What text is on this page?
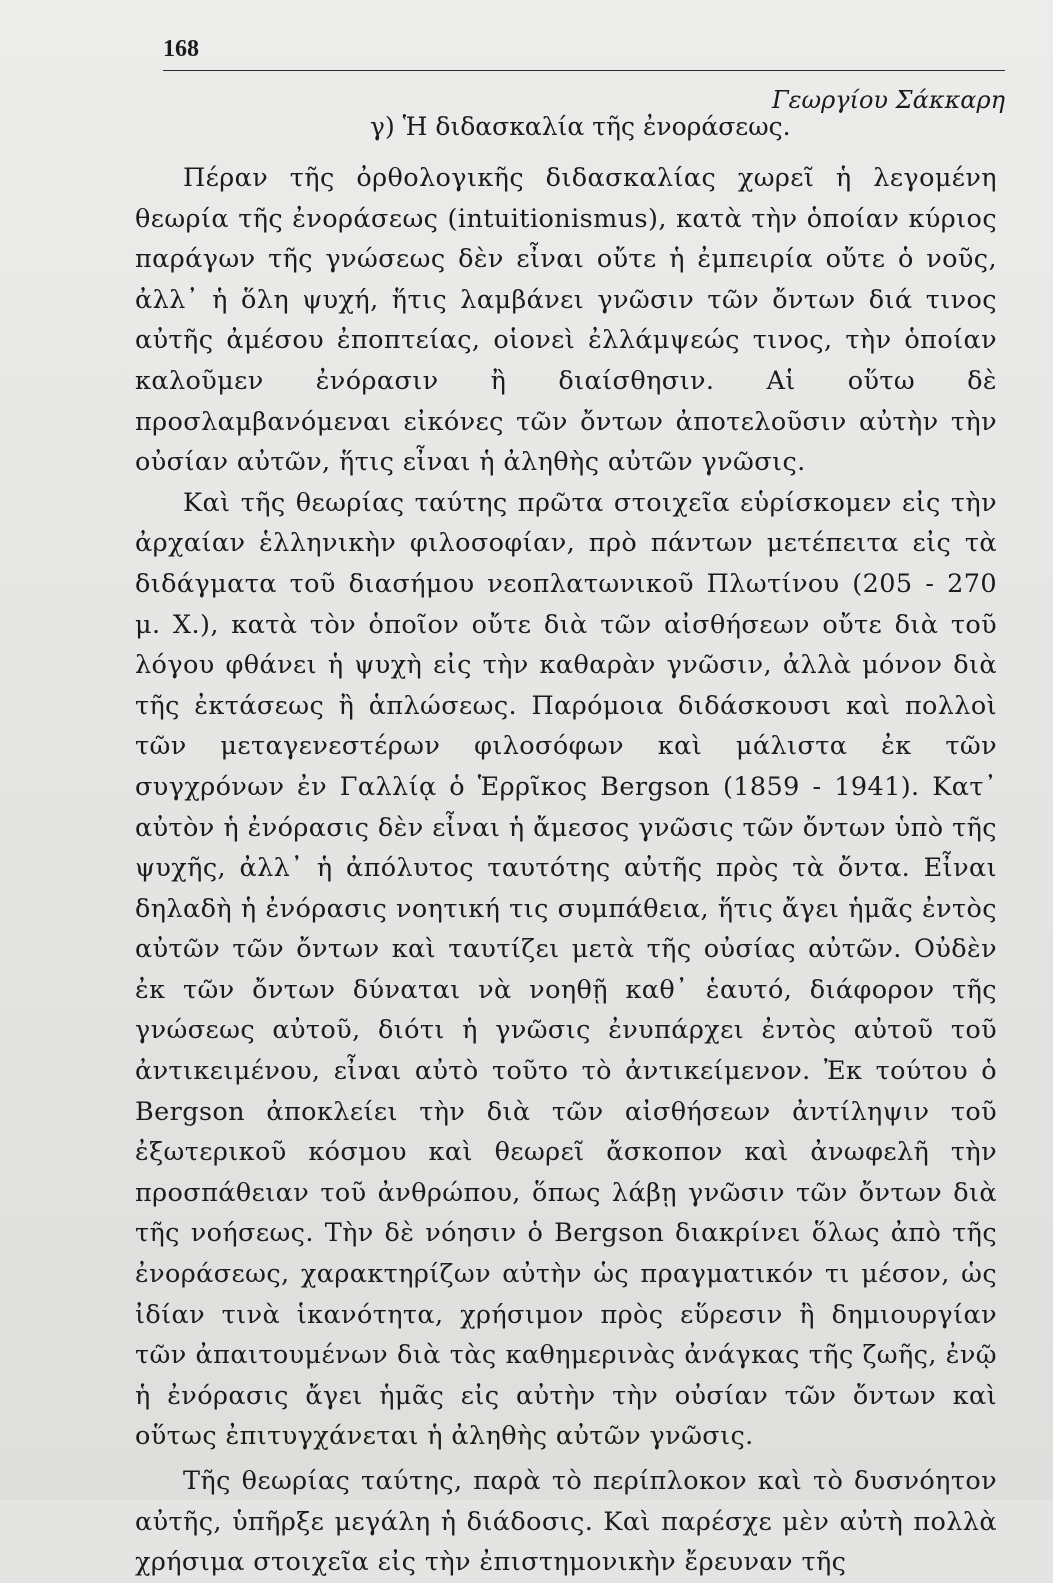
168
Γεωργίου Σάκκαρη
γ) Ἡ διδασκαλία τῆς ἐνοράσεως.

Πέραν τῆς ὀρθολογικῆς διδασκαλίας χωρεῖ ἡ λεγομένη θεωρία τῆς ἐνοράσεως (intuitionismus), κατὰ τὴν ὁποίαν κύριος παράγων τῆς γνώσεως δὲν εἶναι οὔτε ἡ ἐμπειρία οὔτε ὁ νοῦς, ἀλλ᾽ ἡ ὅλη ψυχή, ἥτις λαμβάνει γνῶσιν τῶν ὄντων διά τινος αὐτῆς ἀμέσου ἐποπτείας, οἱονεὶ ἐλλάμψεώς τινος, τὴν ὁποίαν καλοῦμεν ἐνόρασιν ἢ διαίσθησιν. Αἱ οὕτω δὲ προσλαμβανόμεναι εἰκόνες τῶν ὄντων ἀποτελοῦσιν αὐτὴν τὴν οὐσίαν αὐτῶν, ἥτις εἶναι ἡ ἀληθὴς αὐτῶν γνῶσις.

Καὶ τῆς θεωρίας ταύτης πρῶτα στοιχεῖα εὑρίσκομεν εἰς τὴν ἀρχαίαν ἑλληνικὴν φιλοσοφίαν, πρὸ πάντων μετέπειτα εἰς τὰ διδάγματα τοῦ διασήμου νεοπλατωνικοῦ Πλωτίνου (205 - 270 μ. Χ.), κατὰ τὸν ὁποῖον οὔτε διὰ τῶν αἰσθήσεων οὔτε διὰ τοῦ λόγου φθάνει ἡ ψυχὴ εἰς τὴν καθαρὰν γνῶσιν, ἀλλὰ μόνον διὰ τῆς ἐκτάσεως ἢ ἁπλώσεως. Παρόμοια διδάσκουσι καὶ πολλοὶ τῶν μεταγενεστέρων φιλοσόφων καὶ μάλιστα ἐκ τῶν συγχρόνων ἐν Γαλλίᾳ ὁ Ἑρρῖκος Bergson (1859 - 1941). Κατ᾽ αὐτὸν ἡ ἐνόρασις δὲν εἶναι ἡ ἄμεσος γνῶσις τῶν ὄντων ὑπὸ τῆς ψυχῆς, ἀλλ᾽ ἡ ἀπόλυτος ταυτότης αὐτῆς πρὸς τὰ ὄντα. Εἶναι δηλαδὴ ἡ ἐνόρασις νοητική τις συμπάθεια, ἥτις ἄγει ἡμᾶς ἐντὸς αὐτῶν τῶν ὄντων καὶ ταυτίζει μετὰ τῆς οὐσίας αὐτῶν. Οὐδὲν ἐκ τῶν ὄντων δύναται νὰ νοηθῇ καθ᾽ ἑαυτό, διάφορον τῆς γνώσεως αὐτοῦ, διότι ἡ γνῶσις ἐνυπάρχει ἐντὸς αὐτοῦ τοῦ ἀντικειμένου, εἶναι αὐτὸ τοῦτο τὸ ἀντικείμενον. Ἐκ τούτου ὁ Bergson ἀποκλείει τὴν διὰ τῶν αἰσθήσεων ἀντίληψιν τοῦ ἐξωτερικοῦ κόσμου καὶ θεωρεῖ ἄσκοπον καὶ ἀνωφελῆ τὴν προσπάθειαν τοῦ ἀνθρώπου, ὅπως λάβῃ γνῶσιν τῶν ὄντων διὰ τῆς νοήσεως. Τὴν δὲ νόησιν ὁ Bergson διακρίνει ὅλως ἀπὸ τῆς ἐνοράσεως, χαρακτηρίζων αὐτὴν ὡς πραγματικόν τι μέσον, ὡς ἰδίαν τινὰ ἱκανότητα, χρήσιμον πρὸς εὕρεσιν ἢ δημιουργίαν τῶν ἀπαιτουμένων διὰ τὰς καθημερινὰς ἀνάγκας τῆς ζωῆς, ἐνῷ ἡ ἐνόρασις ἄγει ἡμᾶς εἰς αὐτὴν τὴν οὐσίαν τῶν ὄντων καὶ οὕτως ἐπιτυγχάνεται ἡ ἀληθὴς αὐτῶν γνῶσις.

Τῆς θεωρίας ταύτης, παρὰ τὸ περίπλοκον καὶ τὸ δυσνόητον αὐτῆς, ὑπῆρξε μεγάλη ἡ διάδοσις. Καὶ παρέσχε μὲν αὐτὴ πολλὰ χρήσιμα στοιχεῖα εἰς τὴν ἐπιστημονικὴν ἔρευναν τῆς
